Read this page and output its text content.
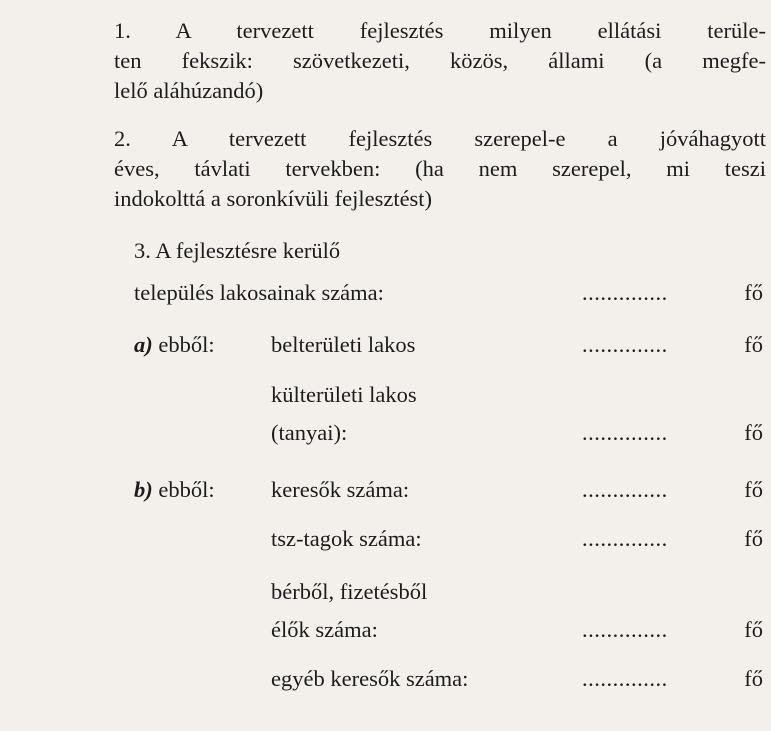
1. A tervezett fejlesztés milyen ellátási terüle-
ten fekszik: szövetkezeti, közös, állami (a megfe-
lelő aláhúzandó)

2. A tervezett fejlesztés szerepel-e a jóváhagyott
éves, távlati tervekben: (ha nem szerepel, mi teszi
indokolttá a soronkívüli fejlesztést)

3. A fejlesztésre kerülő
település lakosainak száma:	..............	fő
a) ebből:	belterületi lakos	..............	fő
külterületi lakos
(tanyai):	..............	fő
b) ebből:	keresők száma:	..............	fő
tsz-tagok száma:	..............	fő
bérből, fizetésből
élők száma:	..............	fő
egyéb keresők száma:	..............	fő
